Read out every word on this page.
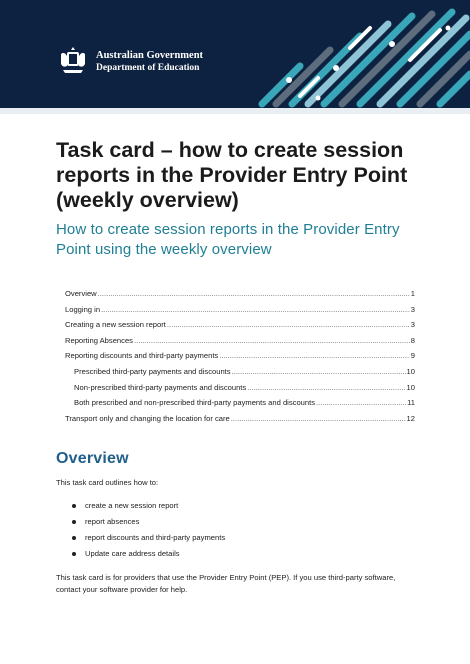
Australian Government
Department of Education
Task card – how to create session reports in the Provider Entry Point (weekly overview)

How to create session reports in the Provider Entry Point using the weekly overview

Overview .....	1
Logging in .....	3
Creating a new session report .....	3
Reporting Absences .....	8
Reporting discounts and third-party payments .....	9
Prescribed third-party payments and discounts .....	10
Non-prescribed third-party payments and discounts .....	10
Both prescribed and non-prescribed third-party payments and discounts .....	11
Transport only and changing the location for care .....	12
Overview

This task card outlines how to:

create a new session report
report absences
report discounts and third-party payments
Update care address details

This task card is for providers that use the Provider Entry Point (PEP). If you use third-party software, contact your software provider for help.
